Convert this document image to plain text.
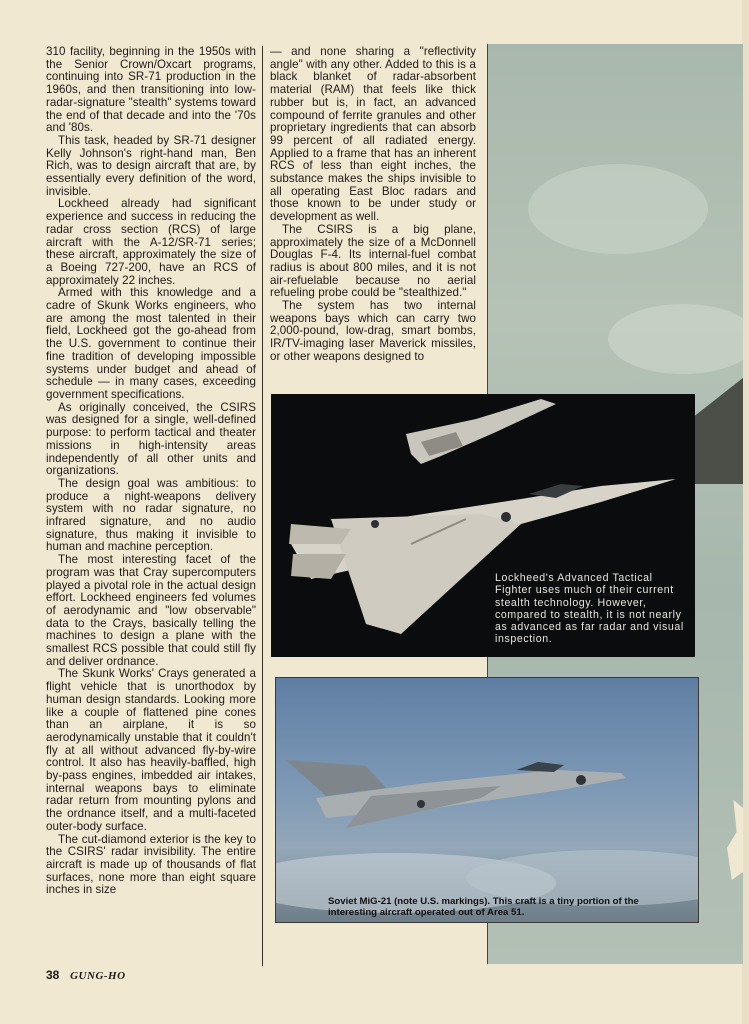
310 facility, beginning in the 1950s with the Senior Crown/Oxcart programs, continuing into SR-71 production in the 1960s, and then transitioning into low-radar-signature "stealth" systems toward the end of that decade and into the '70s and '80s.

This task, headed by SR-71 designer Kelly Johnson's right-hand man, Ben Rich, was to design aircraft that are, by essentially every definition of the word, invisible.

Lockheed already had significant experience and success in reducing the radar cross section (RCS) of large aircraft with the A-12/SR-71 series; these aircraft, approximately the size of a Boeing 727-200, have an RCS of approximately 22 inches.

Armed with this knowledge and a cadre of Skunk Works engineers, who are among the most talented in their field, Lockheed got the go-ahead from the U.S. government to continue their fine tradition of developing impossible systems under budget and ahead of schedule — in many cases, exceeding government specifications.

As originally conceived, the CSIRS was designed for a single, well-defined purpose: to perform tactical and theater missions in high-intensity areas independently of all other units and organizations.

The design goal was ambitious: to produce a night-weapons delivery system with no radar signature, no infrared signature, and no audio signature, thus making it invisible to human and machine perception.

The most interesting facet of the program was that Cray supercomputers played a pivotal role in the actual design effort. Lockheed engineers fed volumes of aerodynamic and "low observable" data to the Crays, basically telling the machines to design a plane with the smallest RCS possible that could still fly and deliver ordnance.

The Skunk Works' Crays generated a flight vehicle that is unorthodox by human design standards. Looking more like a couple of flattened pine cones than an airplane, it is so aerodynamically unstable that it couldn't fly at all without advanced fly-by-wire control. It also has heavily-baffled, high by-pass engines, imbedded air intakes, internal weapons bays to eliminate radar return from mounting pylons and the ordnance itself, and a multi-faceted outer-body surface.

The cut-diamond exterior is the key to the CSIRS' radar invisibility. The entire aircraft is made up of thousands of flat surfaces, none more than eight square inches in size

— and none sharing a "reflectivity angle" with any other. Added to this is a black blanket of radar-absorbent material (RAM) that feels like thick rubber but is, in fact, an advanced compound of ferrite granules and other proprietary ingredients that can absorb 99 percent of all radiated energy. Applied to a frame that has an inherent RCS of less than eight inches, the substance makes the ships invisible to all operating East Bloc radars and those known to be under study or development as well.

The CSIRS is a big plane, approximately the size of a McDonnell Douglas F-4. Its internal-fuel combat radius is about 800 miles, and it is not air-refuelable because no aerial refueling probe could be "stealthized."

The system has two internal weapons bays which can carry two 2,000-pound, low-drag, smart bombs, IR/TV-imaging laser Maverick missiles, or other weapons designed to

Lockheed's Advanced Tactical Fighter uses much of their current stealth technology. However, compared to stealth, it is not nearly as advanced as far radar and visual inspection.
Soviet MiG-21 (note U.S. markings). This craft is a tiny portion of the interesting aircraft operated out of Area 51.
38 GUNG-HO
